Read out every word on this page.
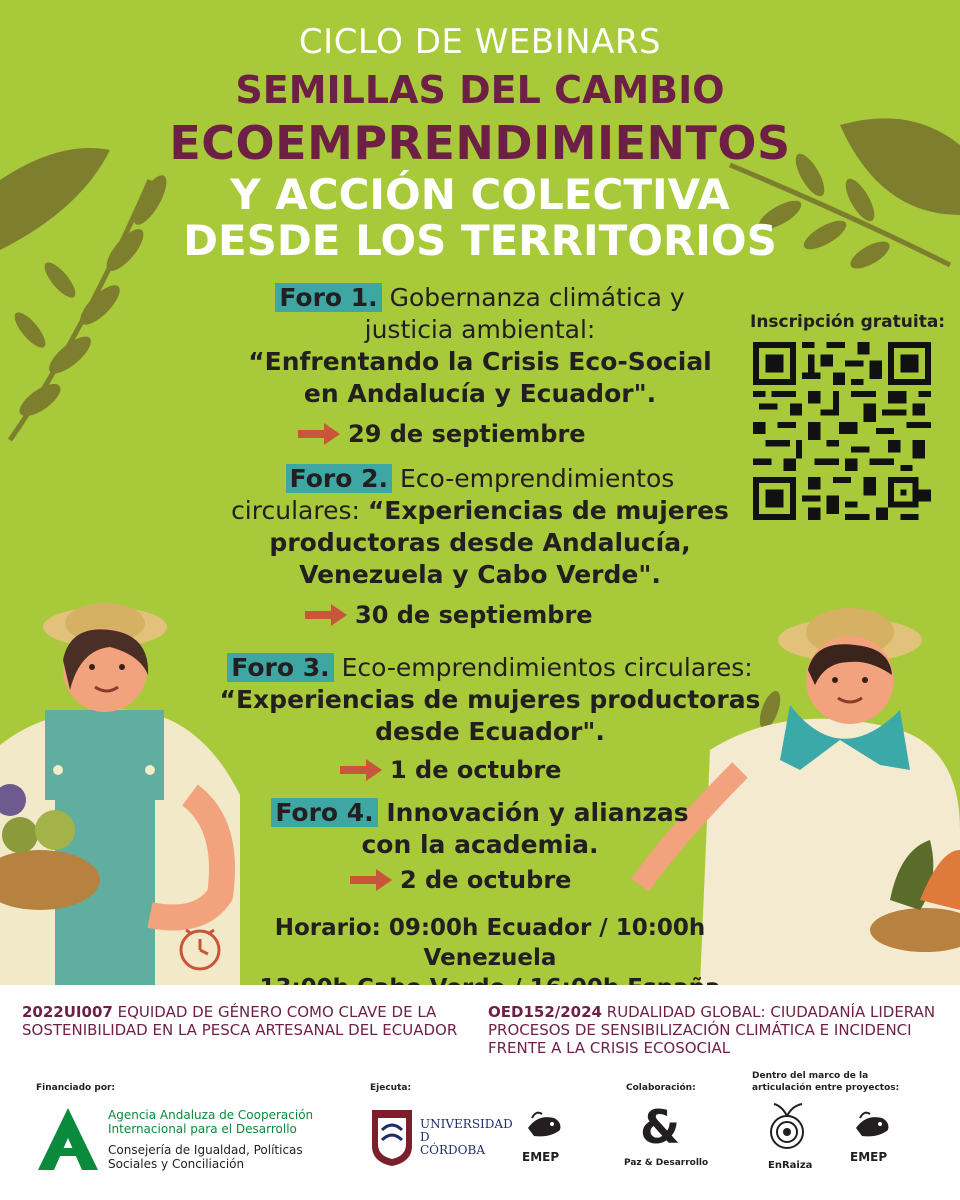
CICLO DE WEBINARS
SEMILLAS DEL CAMBIO
ECOEMPRENDIMIENTOS
Y ACCIÓN COLECTIVA
DESDE LOS TERRITORIOS
Foro 1. Gobernanza climática y
justicia ambiental:
“Enfrentando la Crisis Eco-Social
en Andalucía y Ecuador".
29 de septiembre
Foro 2. Eco-emprendimientos
circulares: “Experiencias de mujeres
productoras desde Andalucía,
Venezuela y Cabo Verde".
30 de septiembre
Foro 3. Eco-emprendimientos circulares:
“Experiencias de mujeres productoras
desde Ecuador".
1 de octubre
Foro 4. Innovación y alianzas
con la academia.
2 de octubre
Inscripción gratuita:
Horario: 09:00h Ecuador / 10:00h Venezuela
2022UI007 EQUIDAD DE GÉNERO COMO CLAVE DE LA
SOSTENIBILIDAD EN LA PESCA ARTESANAL DEL ECUADOR
OED152/2024 RUDALIDAD GLOBAL: CIUDADANÍA LIDERAN
PROCESOS DE SENSIBILIZACIÓN CLIMÁTICA E INCIDENCI
FRENTE A LA CRISIS ECOSOCIAL
Financiado por:
Agencia Andaluza de Cooperación
Internacional para el Desarrollo
Consejería de Igualdad, Políticas
Sociales y Conciliación
Ejecuta:
UNIVERSIDAD
D
CÓRDOBA	EMEP
Colaboración:
&
Paz & Desarrollo
Dentro del marco de la
articulación entre proyectos:
EnRaiza
EMEP
